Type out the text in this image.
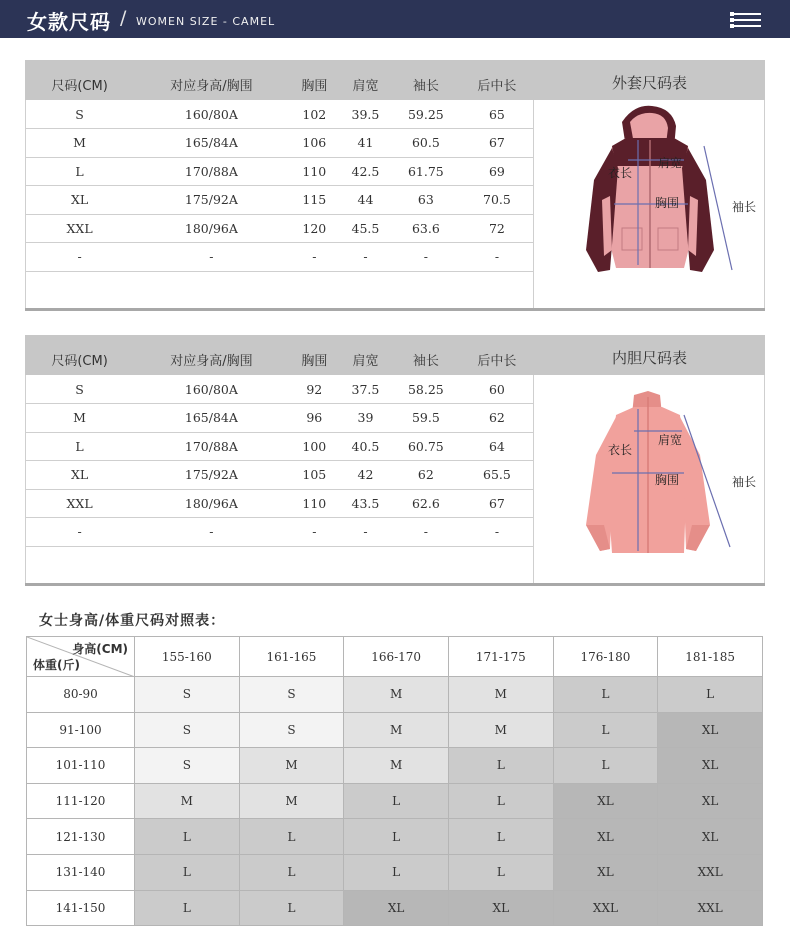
女款尺码 / WOMEN SIZE - CAMEL
尺码(CM)	对应身高/胸围	胸围	肩宽	袖长	后中长
S	160/80A	102	39.5	59.25	65
M	165/84A	106	41	60.5	67
L	170/88A	110	42.5	61.75	69
XL	175/92A	115	44	63	70.5
XXL	180/96A	120	45.5	63.6	72
-	-	-	-	-	-

外套尺码表
肩宽
衣长
胸围	袖长
尺码(CM)	对应身高/胸围	胸围	肩宽	袖长	后中长
S	160/80A	92	37.5	58.25	60
M	165/84A	96	39	59.5	62
L	170/88A	100	40.5	60.75	64
XL	175/92A	105	42	62	65.5
XXL	180/96A	110	43.5	62.6	67
-	-	-	-	-	-

内胆尺码表
肩宽
衣长
胸围	袖长
女士身高/体重尺码对照表：
身高(CM)
体重(斤)	155-160	161-165	166-170	171-175	176-180	181-185
80-90	S	S	M	M	L	L
91-100	S	S	M	M	L	XL
101-110	S	M	M	L	L	XL
111-120	M	M	L	L	XL	XL
121-130	L	L	L	L	XL	XL
131-140	L	L	L	L	XL	XXL
141-150	L	L	XL	XL	XXL	XXL
